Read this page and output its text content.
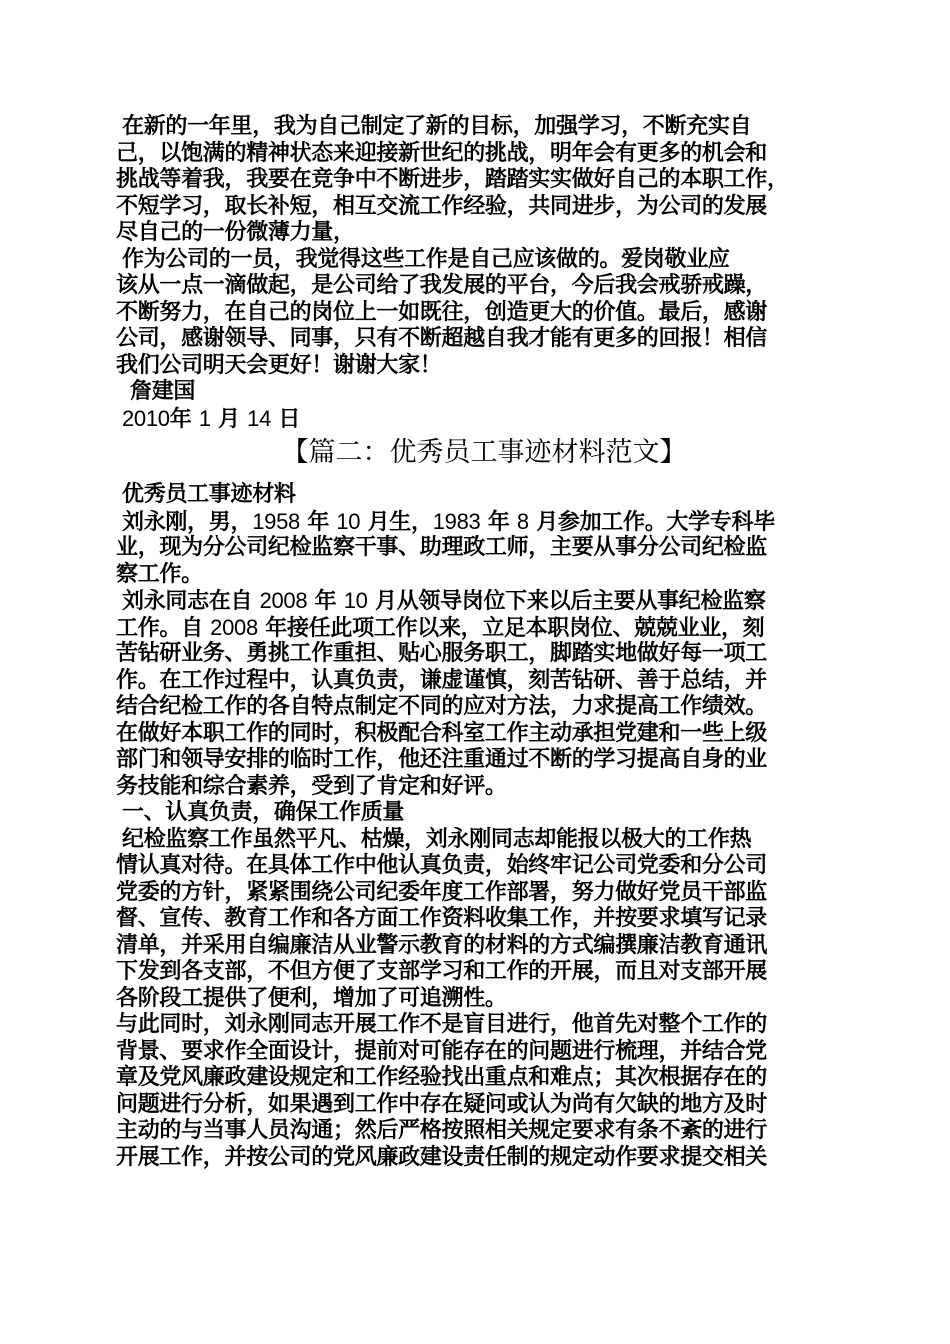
在新的一年里，我为自己制定了新的目标，加强学习，不断充实自
己，以饱满的精神状态来迎接新世纪的挑战，明年会有更多的机会和
挑战等着我，我要在竞争中不断进步，踏踏实实做好自己的本职工作，
不短学习，取长补短，相互交流工作经验，共同进步，为公司的发展
尽自己的一份微薄力量，
作为公司的一员，我觉得这些工作是自己应该做的。爱岗敬业应
该从一点一滴做起，是公司给了我发展的平台，今后我会戒骄戒躁，
不断努力，在自己的岗位上一如既往，创造更大的价值。最后，感谢
公司，感谢领导、同事，只有不断超越自我才能有更多的回报！相信
我们公司明天会更好！谢谢大家！
詹建国
2010年 1 月 14 日
【篇二：优秀员工事迹材料范文】
优秀员工事迹材料
刘永刚，男，1958 年 10 月生，1983 年 8 月参加工作。大学专科毕
业，现为分公司纪检监察干事、助理政工师，主要从事分公司纪检监
察工作。
刘永同志在自 2008 年 10 月从领导岗位下来以后主要从事纪检监察
工作。自 2008 年接任此项工作以来，立足本职岗位、兢兢业业，刻
苦钻研业务、勇挑工作重担、贴心服务职工，脚踏实地做好每一项工
作。在工作过程中，认真负责，谦虚谨慎，刻苦钻研、善于总结，并
结合纪检工作的各自特点制定不同的应对方法，力求提高工作绩效。
在做好本职工作的同时，积极配合科室工作主动承担党建和一些上级
部门和领导安排的临时工作，他还注重通过不断的学习提高自身的业
务技能和综合素养，受到了肯定和好评。
一、认真负责，确保工作质量
纪检监察工作虽然平凡、枯燥，刘永刚同志却能报以极大的工作热
情认真对待。在具体工作中他认真负责，始终牢记公司党委和分公司
党委的方针，紧紧围绕公司纪委年度工作部署，努力做好党员干部监
督、宣传、教育工作和各方面工作资料收集工作，并按要求填写记录
清单，并采用自编廉洁从业警示教育的材料的方式编撰廉洁教育通讯
下发到各支部，不但方便了支部学习和工作的开展，而且对支部开展
各阶段工提供了便利，增加了可追溯性。
与此同时，刘永刚同志开展工作不是盲目进行，他首先对整个工作的
背景、要求作全面设计，提前对可能存在的问题进行梳理，并结合党
章及党风廉政建设规定和工作经验找出重点和难点；其次根据存在的
问题进行分析，如果遇到工作中存在疑问或认为尚有欠缺的地方及时
主动的与当事人员沟通；然后严格按照相关规定要求有条不紊的进行
开展工作，并按公司的党风廉政建设责任制的规定动作要求提交相关
